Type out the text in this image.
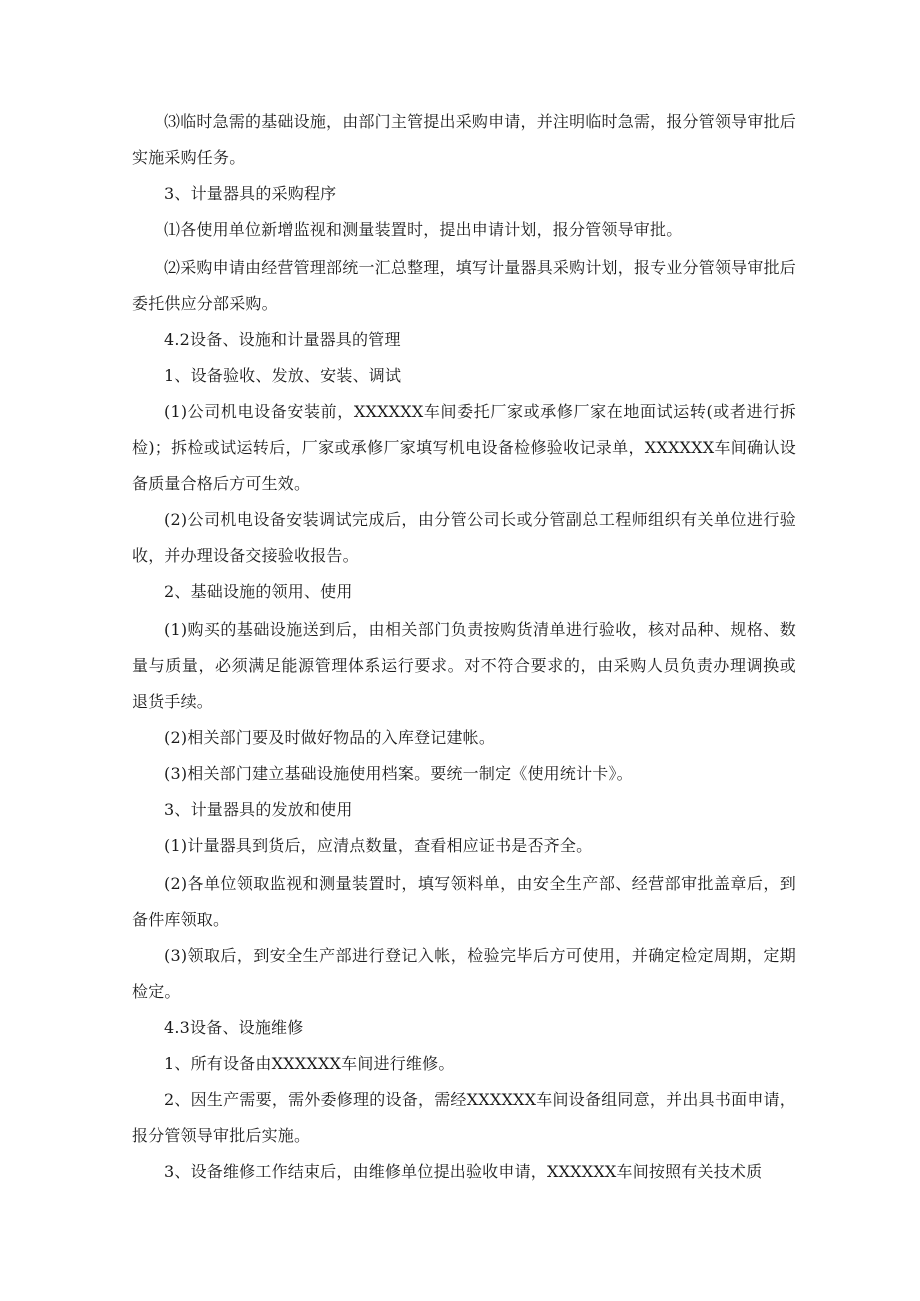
⑶临时急需的基础设施，由部门主管提出采购申请，并注明临时急需，报分管领导审批后实施采购任务。

3、计量器具的采购程序

⑴各使用单位新增监视和测量装置时，提出申请计划，报分管领导审批。

⑵采购申请由经营管理部统一汇总整理，填写计量器具采购计划，报专业分管领导审批后委托供应分部采购。

4.2设备、设施和计量器具的管理

1、设备验收、发放、安装、调试

(1)公司机电设备安装前，XXXXXX车间委托厂家或承修厂家在地面试运转(或者进行拆检)；拆检或试运转后，厂家或承修厂家填写机电设备检修验收记录单，XXXXXX车间确认设备质量合格后方可生效。

(2)公司机电设备安装调试完成后，由分管公司长或分管副总工程师组织有关单位进行验收，并办理设备交接验收报告。

2、基础设施的领用、使用

(1)购买的基础设施送到后，由相关部门负责按购货清单进行验收，核对品种、规格、数量与质量，必须满足能源管理体系运行要求。对不符合要求的，由采购人员负责办理调换或退货手续。

(2)相关部门要及时做好物品的入库登记建帐。

(3)相关部门建立基础设施使用档案。要统一制定《使用统计卡》。

3、计量器具的发放和使用

(1)计量器具到货后，应清点数量，查看相应证书是否齐全。

(2)各单位领取监视和测量装置时，填写领料单，由安全生产部、经营部审批盖章后，到备件库领取。

(3)领取后，到安全生产部进行登记入帐，检验完毕后方可使用，并确定检定周期，定期检定。

4.3设备、设施维修

1、所有设备由XXXXXX车间进行维修。

2、因生产需要，需外委修理的设备，需经XXXXXX车间设备组同意，并出具书面申请，报分管领导审批后实施。

3、设备维修工作结束后，由维修单位提出验收申请，XXXXXX车间按照有关技术质
